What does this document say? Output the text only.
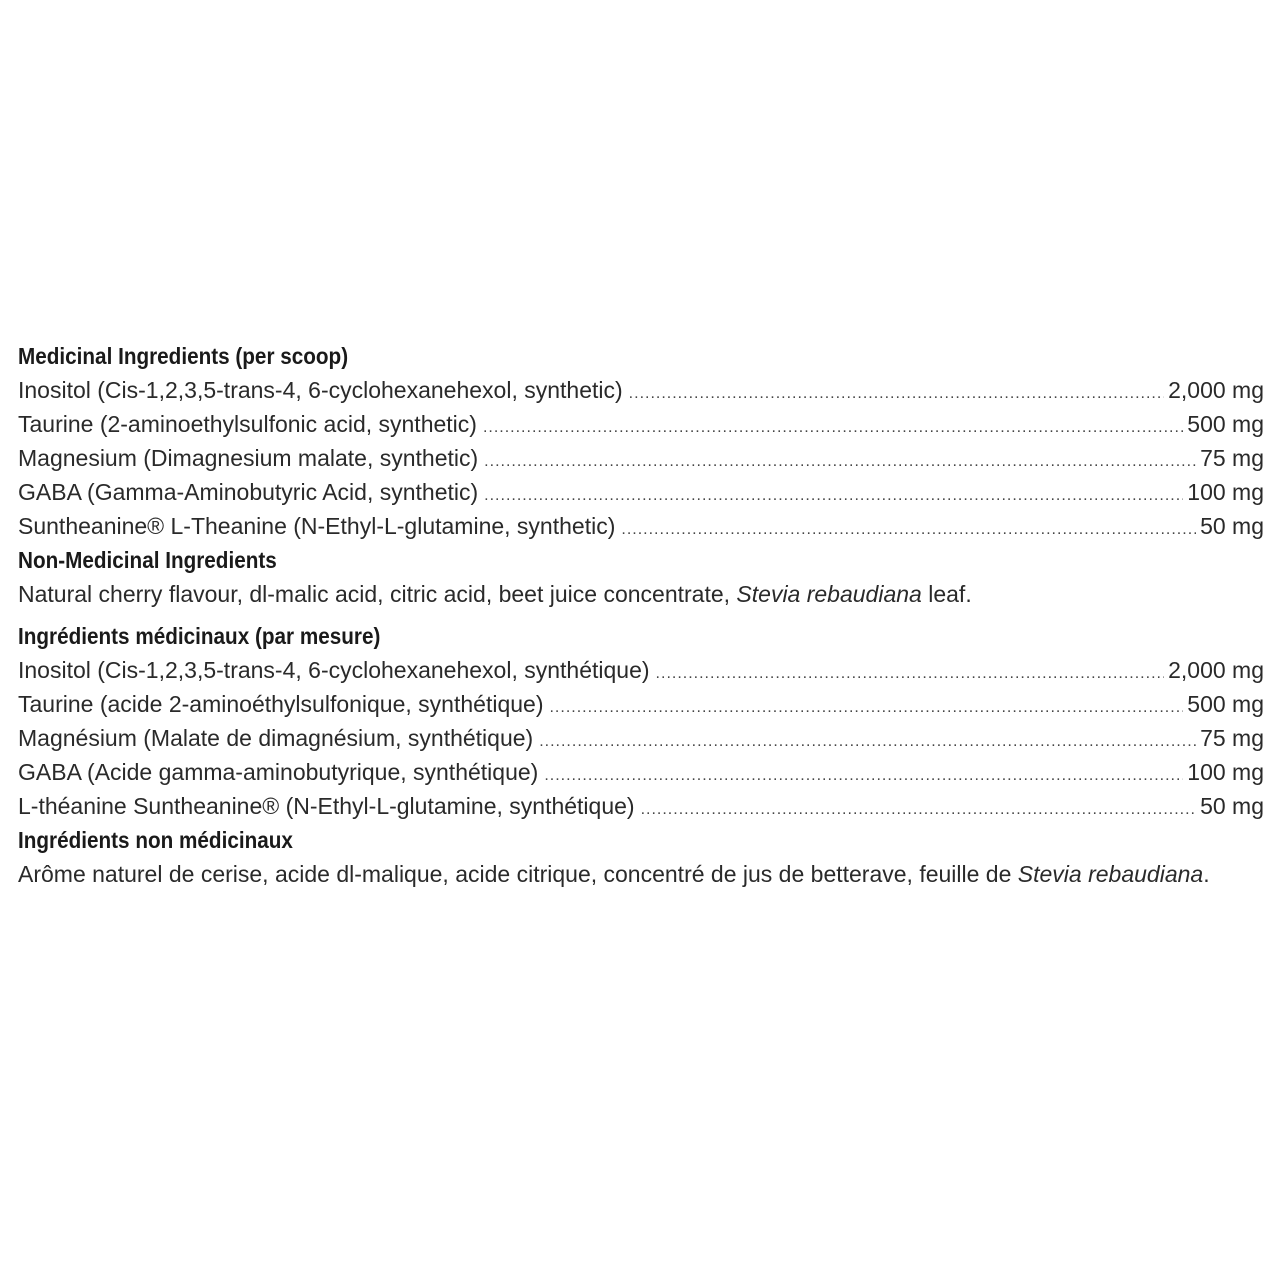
Medicinal Ingredients (per scoop)
Inositol (Cis-1,2,3,5-trans-4, 6-cyclohexanehexol, synthetic) .....	2,000 mg
Taurine (2-aminoethylsulfonic acid, synthetic) .....	500 mg
Magnesium (Dimagnesium malate, synthetic) .....	75 mg
GABA (Gamma-Aminobutyric Acid, synthetic) .....	100 mg
Suntheanine® L-Theanine (N-Ethyl-L-glutamine, synthetic) .....	50 mg
Non-Medicinal Ingredients
Natural cherry flavour, dl-malic acid, citric acid, beet juice concentrate, Stevia rebaudiana leaf.
Ingrédients médicinaux (par mesure)
Inositol (Cis-1,2,3,5-trans-4, 6-cyclohexanehexol, synthétique) .....	2,000 mg
Taurine (acide 2-aminoéthylsulfonique, synthétique) .....	500 mg
Magnésium (Malate de dimagnésium, synthétique) .....	75 mg
GABA (Acide gamma-aminobutyrique, synthétique) .....	100 mg
L-théanine Suntheanine® (N-Ethyl-L-glutamine, synthétique) .....	50 mg
Ingrédients non médicinaux
Arôme naturel de cerise, acide dl-malique, acide citrique, concentré de jus de betterave, feuille de Stevia rebaudiana.
